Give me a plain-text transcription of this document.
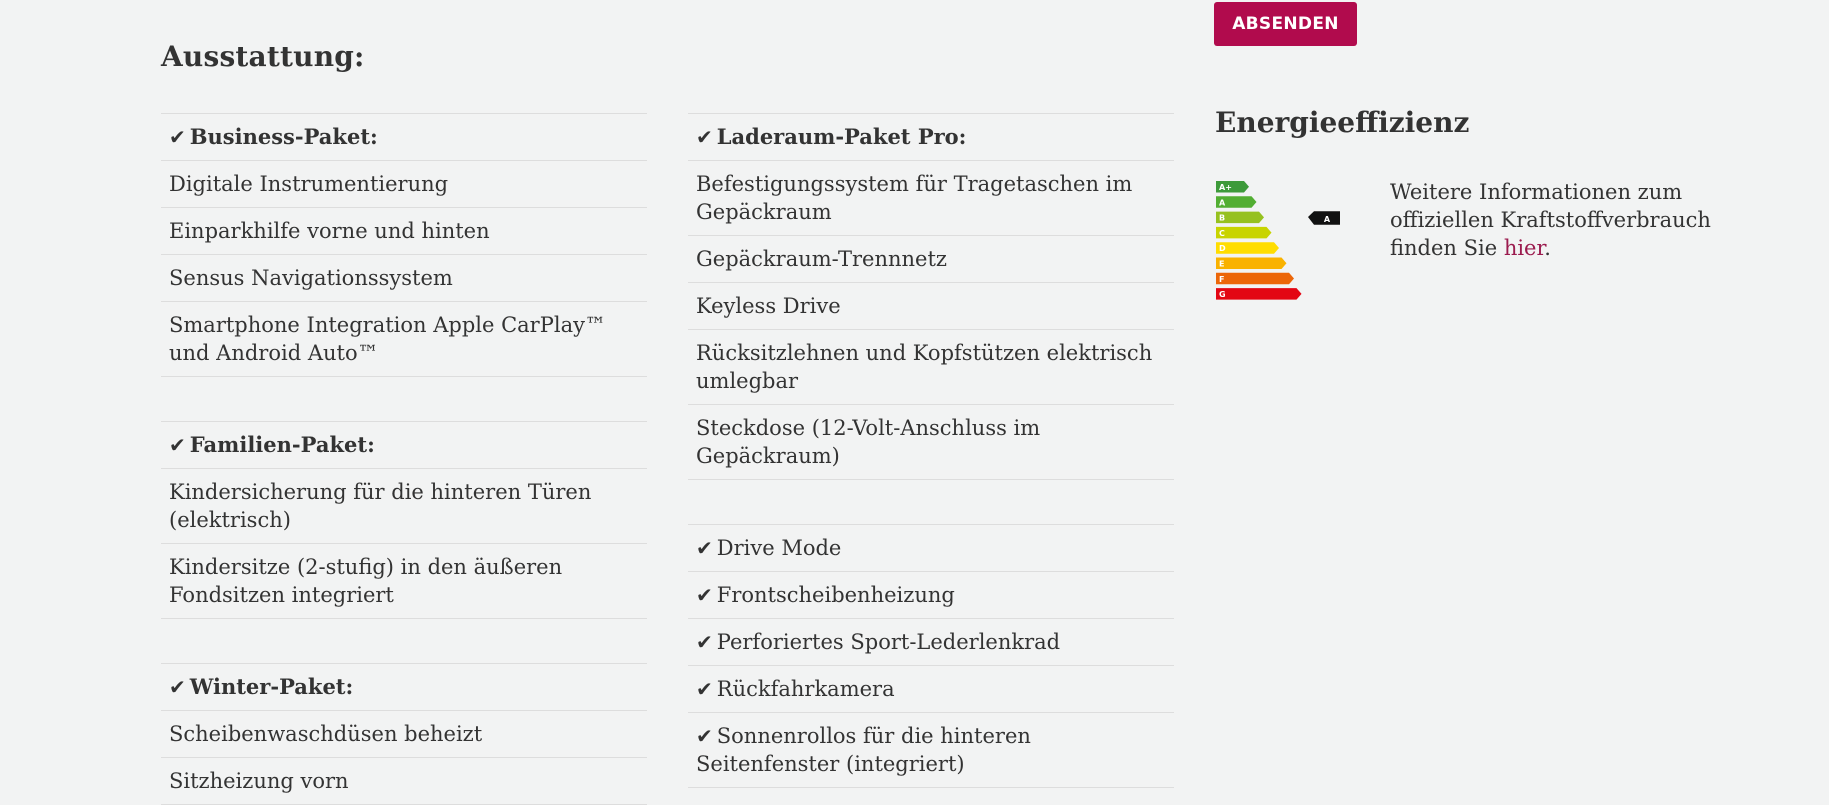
Ausstattung:
✔ Business-Paket:
Digitale Instrumentierung
Einparkhilfe vorne und hinten
Sensus Navigationssystem
Smartphone Integration Apple CarPlay™ und Android Auto™
✔ Familien-Paket:
Kindersicherung für die hinteren Türen (elektrisch)
Kindersitze (2-stufig) in den äußeren Fondsitzen integriert
✔ Winter-Paket:
Scheibenwaschdüsen beheizt
Sitzheizung vorn
✔ Laderaum-Paket Pro:
Befestigungssystem für Tragetaschen im Gepäckraum
Gepäckraum-Trennnetz
Keyless Drive
Rücksitzlehnen und Kopfstützen elektrisch umlegbar
Steckdose (12-Volt-Anschluss im Gepäckraum)
✔ Drive Mode
✔ Frontscheibenheizung
✔ Perforiertes Sport-Lederlenkrad
✔ Rückfahrkamera
✔ Sonnenrollos für die hinteren Seitenfenster (integriert)
ABSENDEN
Energieeffizienz
A+
A
B
C
D
E
F
G
A

Weitere Informationen zum offiziellen Kraftstoffverbrauch finden Sie hier.
